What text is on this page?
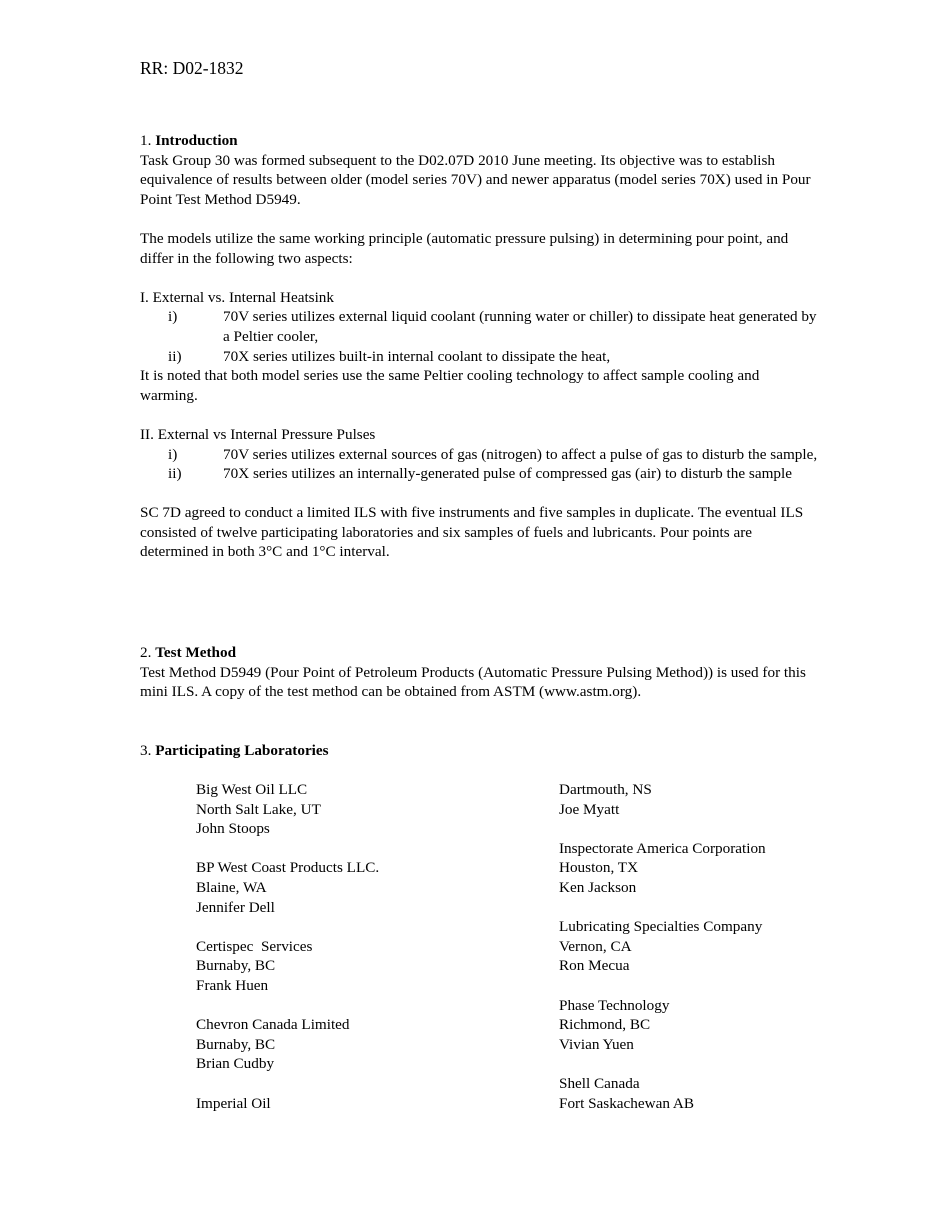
RR: D02-1832

1. Introduction

Task Group 30 was formed subsequent to the D02.07D 2010 June meeting. Its objective was to establish equivalence of results between older (model series 70V) and newer apparatus (model series 70X) used in Pour Point Test Method D5949.

The models utilize the same working principle (automatic pressure pulsing) in determining pour point, and differ in the following two aspects:

I. External vs. Internal Heatsink

i)	70V series utilizes external liquid coolant (running water or chiller) to dissipate heat generated by a Peltier cooler,
ii)	70X series utilizes built-in internal coolant to dissipate the heat,

It is noted that both model series use the same Peltier cooling technology to affect sample cooling and warming.

II. External vs Internal Pressure Pulses

i)	70V series utilizes external sources of gas (nitrogen) to affect a pulse of gas to disturb the sample,
ii)	70X series utilizes an internally-generated pulse of compressed gas (air) to disturb the sample

SC 7D agreed to conduct a limited ILS with five instruments and five samples in duplicate. The eventual ILS consisted of twelve participating laboratories and six samples of fuels and lubricants. Pour points are determined in both 3°C and 1°C interval.

2. Test Method

Test Method D5949 (Pour Point of Petroleum Products (Automatic Pressure Pulsing Method)) is used for this mini ILS. A copy of the test method can be obtained from ASTM (www.astm.org).

3. Participating Laboratories

Big West Oil LLC
North Salt Lake, UT
John Stoops
BP West Coast Products LLC.
Blaine, WA
Jennifer Dell
Certispec  Services
Burnaby, BC
Frank Huen
Chevron Canada Limited
Burnaby, BC
Brian Cudby
Imperial Oil
Dartmouth, NS
Joe Myatt
Inspectorate America Corporation
Houston, TX
Ken Jackson
Lubricating Specialties Company
Vernon, CA
Ron Mecua
Phase Technology
Richmond, BC
Vivian Yuen
Shell Canada
Fort Saskachewan AB
